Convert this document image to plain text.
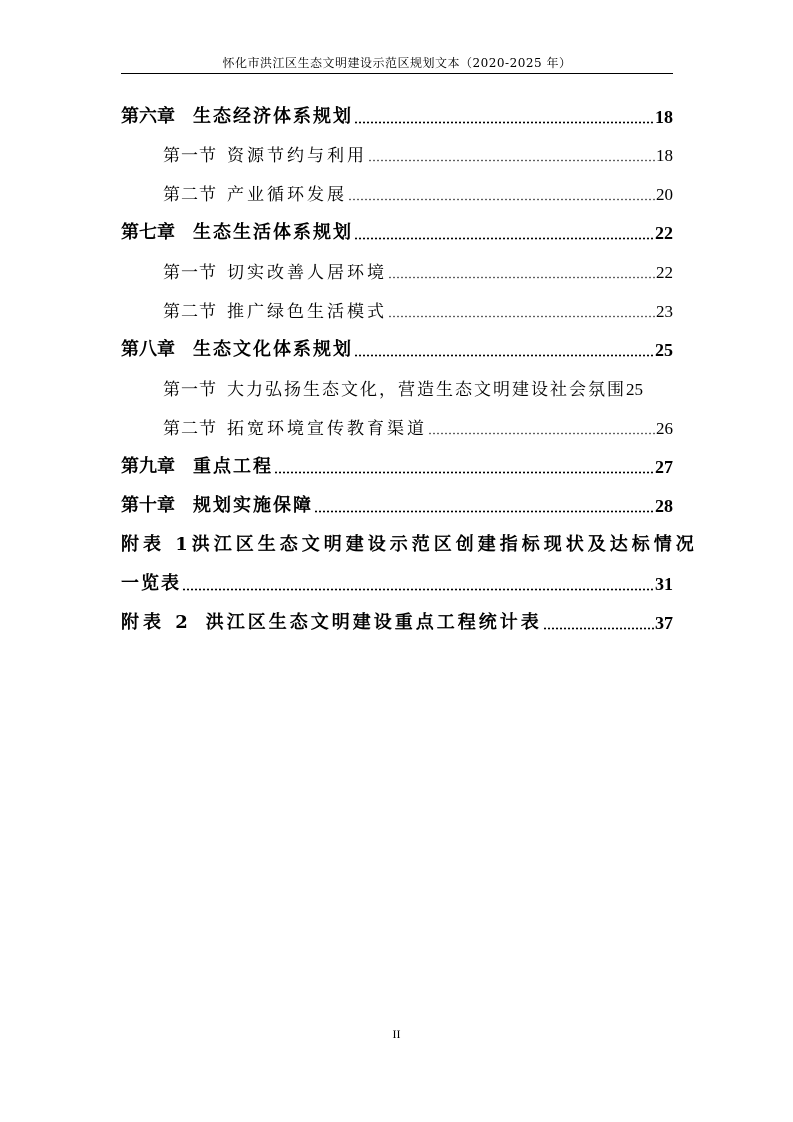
怀化市洪江区生态文明建设示范区规划文本（2020-2025 年）
第六章 生态经济体系规划	18
第一节 资源节约与利用	18
第二节 产业循环发展	20
第七章 生态生活体系规划	22
第一节 切实改善人居环境	22
第二节 推广绿色生活模式	23
第八章 生态文化体系规划	25
第一节 大力弘扬生态文化，营造生态文明建设社会氛围 25
第二节 拓宽环境宣传教育渠道	26
第九章 重点工程	27
第十章 规划实施保障	28
附表 1 洪江区生态文明建设示范区创建指标现状及达标情况
一览表	31
附表 2 洪江区生态文明建设重点工程统计表	37
II
